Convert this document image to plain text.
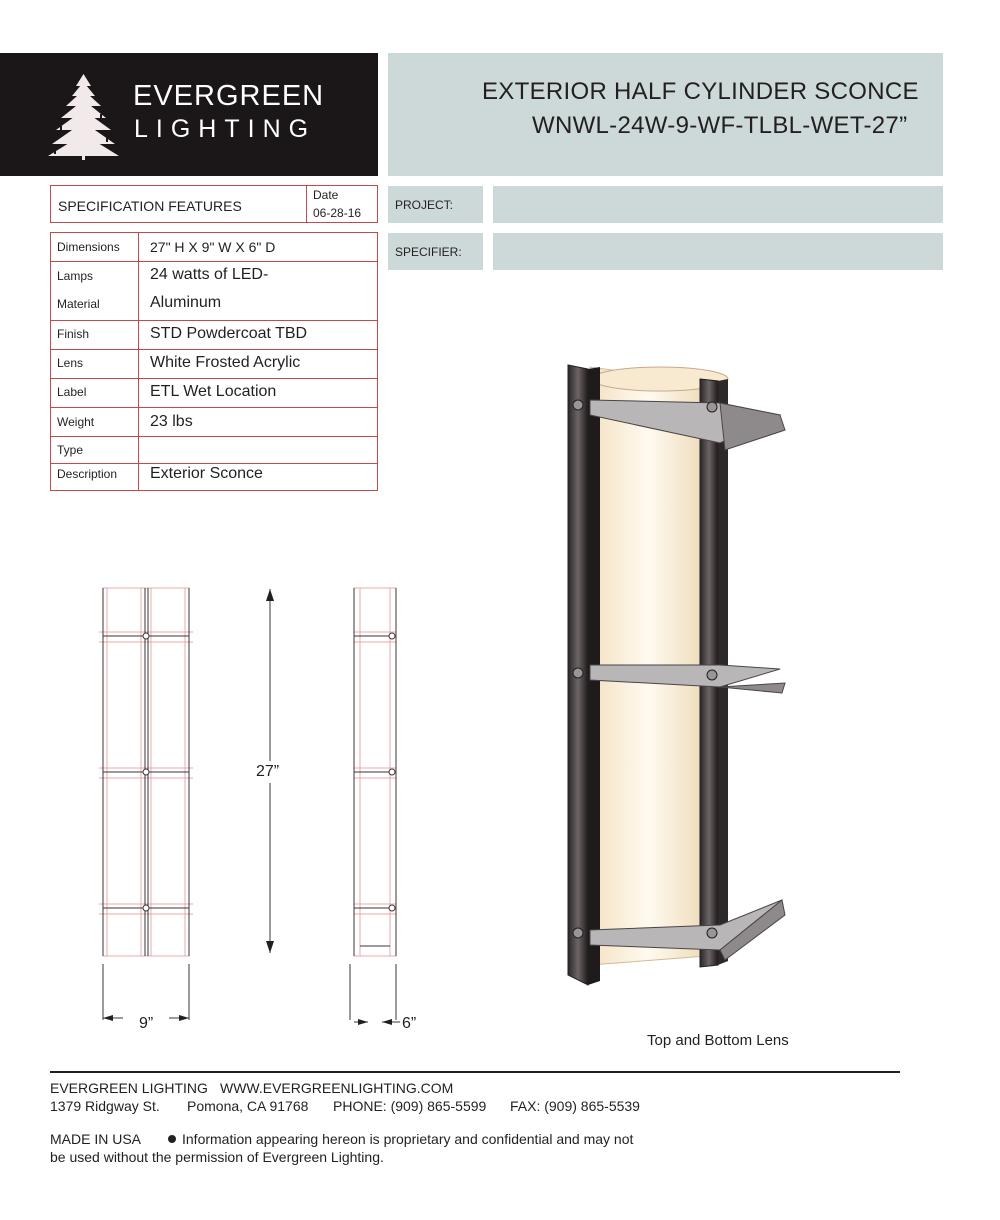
EVERGREEN
LIGHTING
EXTERIOR HALF CYLINDER SCONCE
WNWL-24W-9-WF-TLBL-WET-27”
SPECIFICATION FEATURES
Date
06-28-16
PROJECT:
SPECIFIER:
Dimensions 27" H X 9" W X 6" D
Lamps	24 watts of LED-
Material	Aluminum
Finish	STD Powdercoat TBD
Lens	White Frosted Acrylic
Label	ETL Wet Location
Weight	23 lbs
Type
Description Exterior Sconce
27”
9”	6”
Top and Bottom Lens
EVERGREEN LIGHTING WWW.EVERGREENLIGHTING.COM
1379 Ridgway St. Pomona, CA 91768 PHONE: (909) 865-5599 FAX: (909) 865-5539
MADE IN USA	Information appearing hereon is proprietary and confidential and may not
be used without the permission of Evergreen Lighting.
